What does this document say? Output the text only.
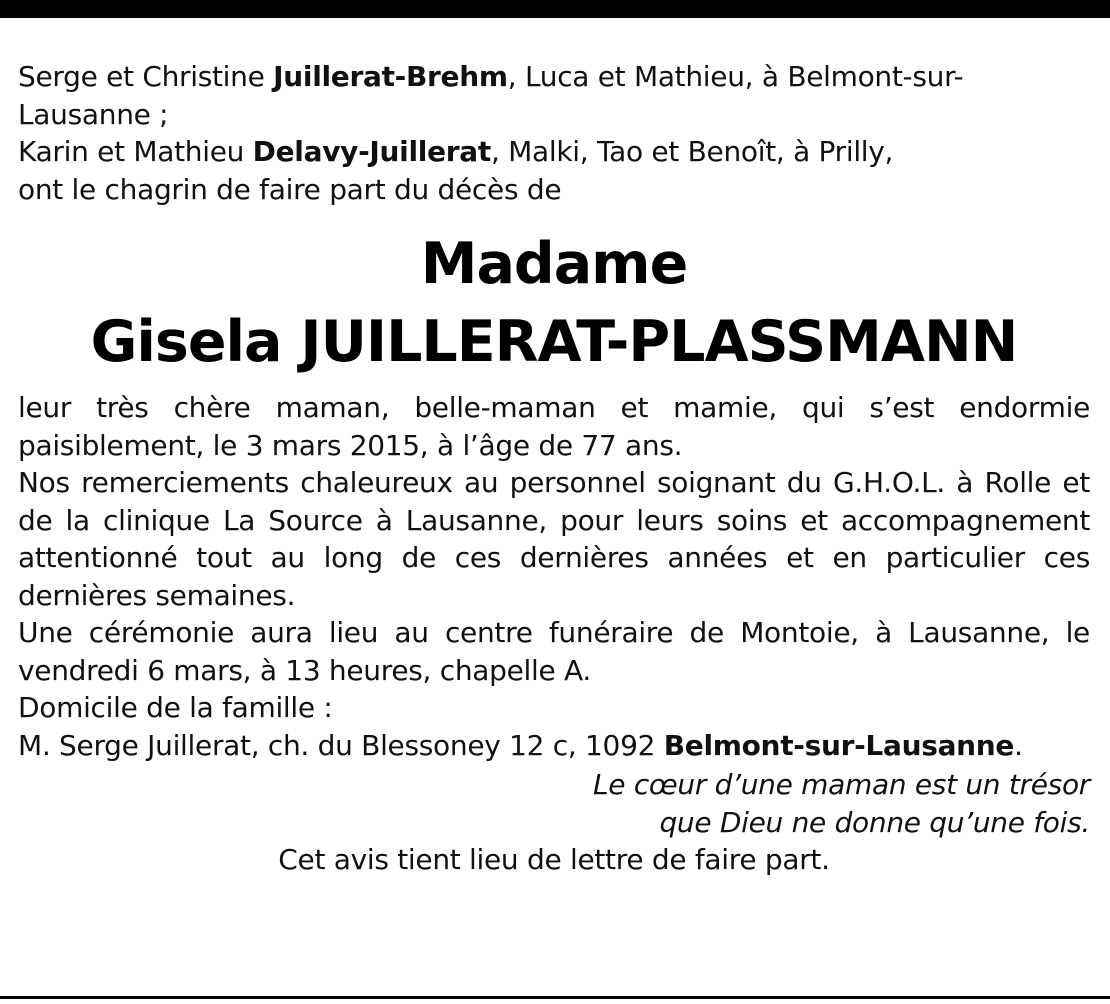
Serge et Christine Juillerat-Brehm, Luca et Mathieu, à Belmont-sur-Lausanne ;

Karin et Mathieu Delavy-Juillerat, Malki, Tao et Benoît, à Prilly,

ont le chagrin de faire part du décès de

Madame
Gisela JUILLERAT-PLASSMANN

leur très chère maman, belle-maman et mamie, qui s’est endormie paisiblement, le 3 mars 2015, à l’âge de 77 ans.

Nos remerciements chaleureux au personnel soignant du G.H.O.L. à Rolle et de la clinique La Source à Lausanne, pour leurs soins et accompagnement attentionné tout au long de ces dernières années et en particulier ces dernières semaines.

Une cérémonie aura lieu au centre funéraire de Montoie, à Lausanne, le vendredi 6 mars, à 13 heures, chapelle A.

Domicile de la famille :

M. Serge Juillerat, ch. du Blessoney 12 c, 1092 Belmont-sur-Lausanne.

Le cœur d’une maman est un trésor
que Dieu ne donne qu’une fois.

Cet avis tient lieu de lettre de faire part.
